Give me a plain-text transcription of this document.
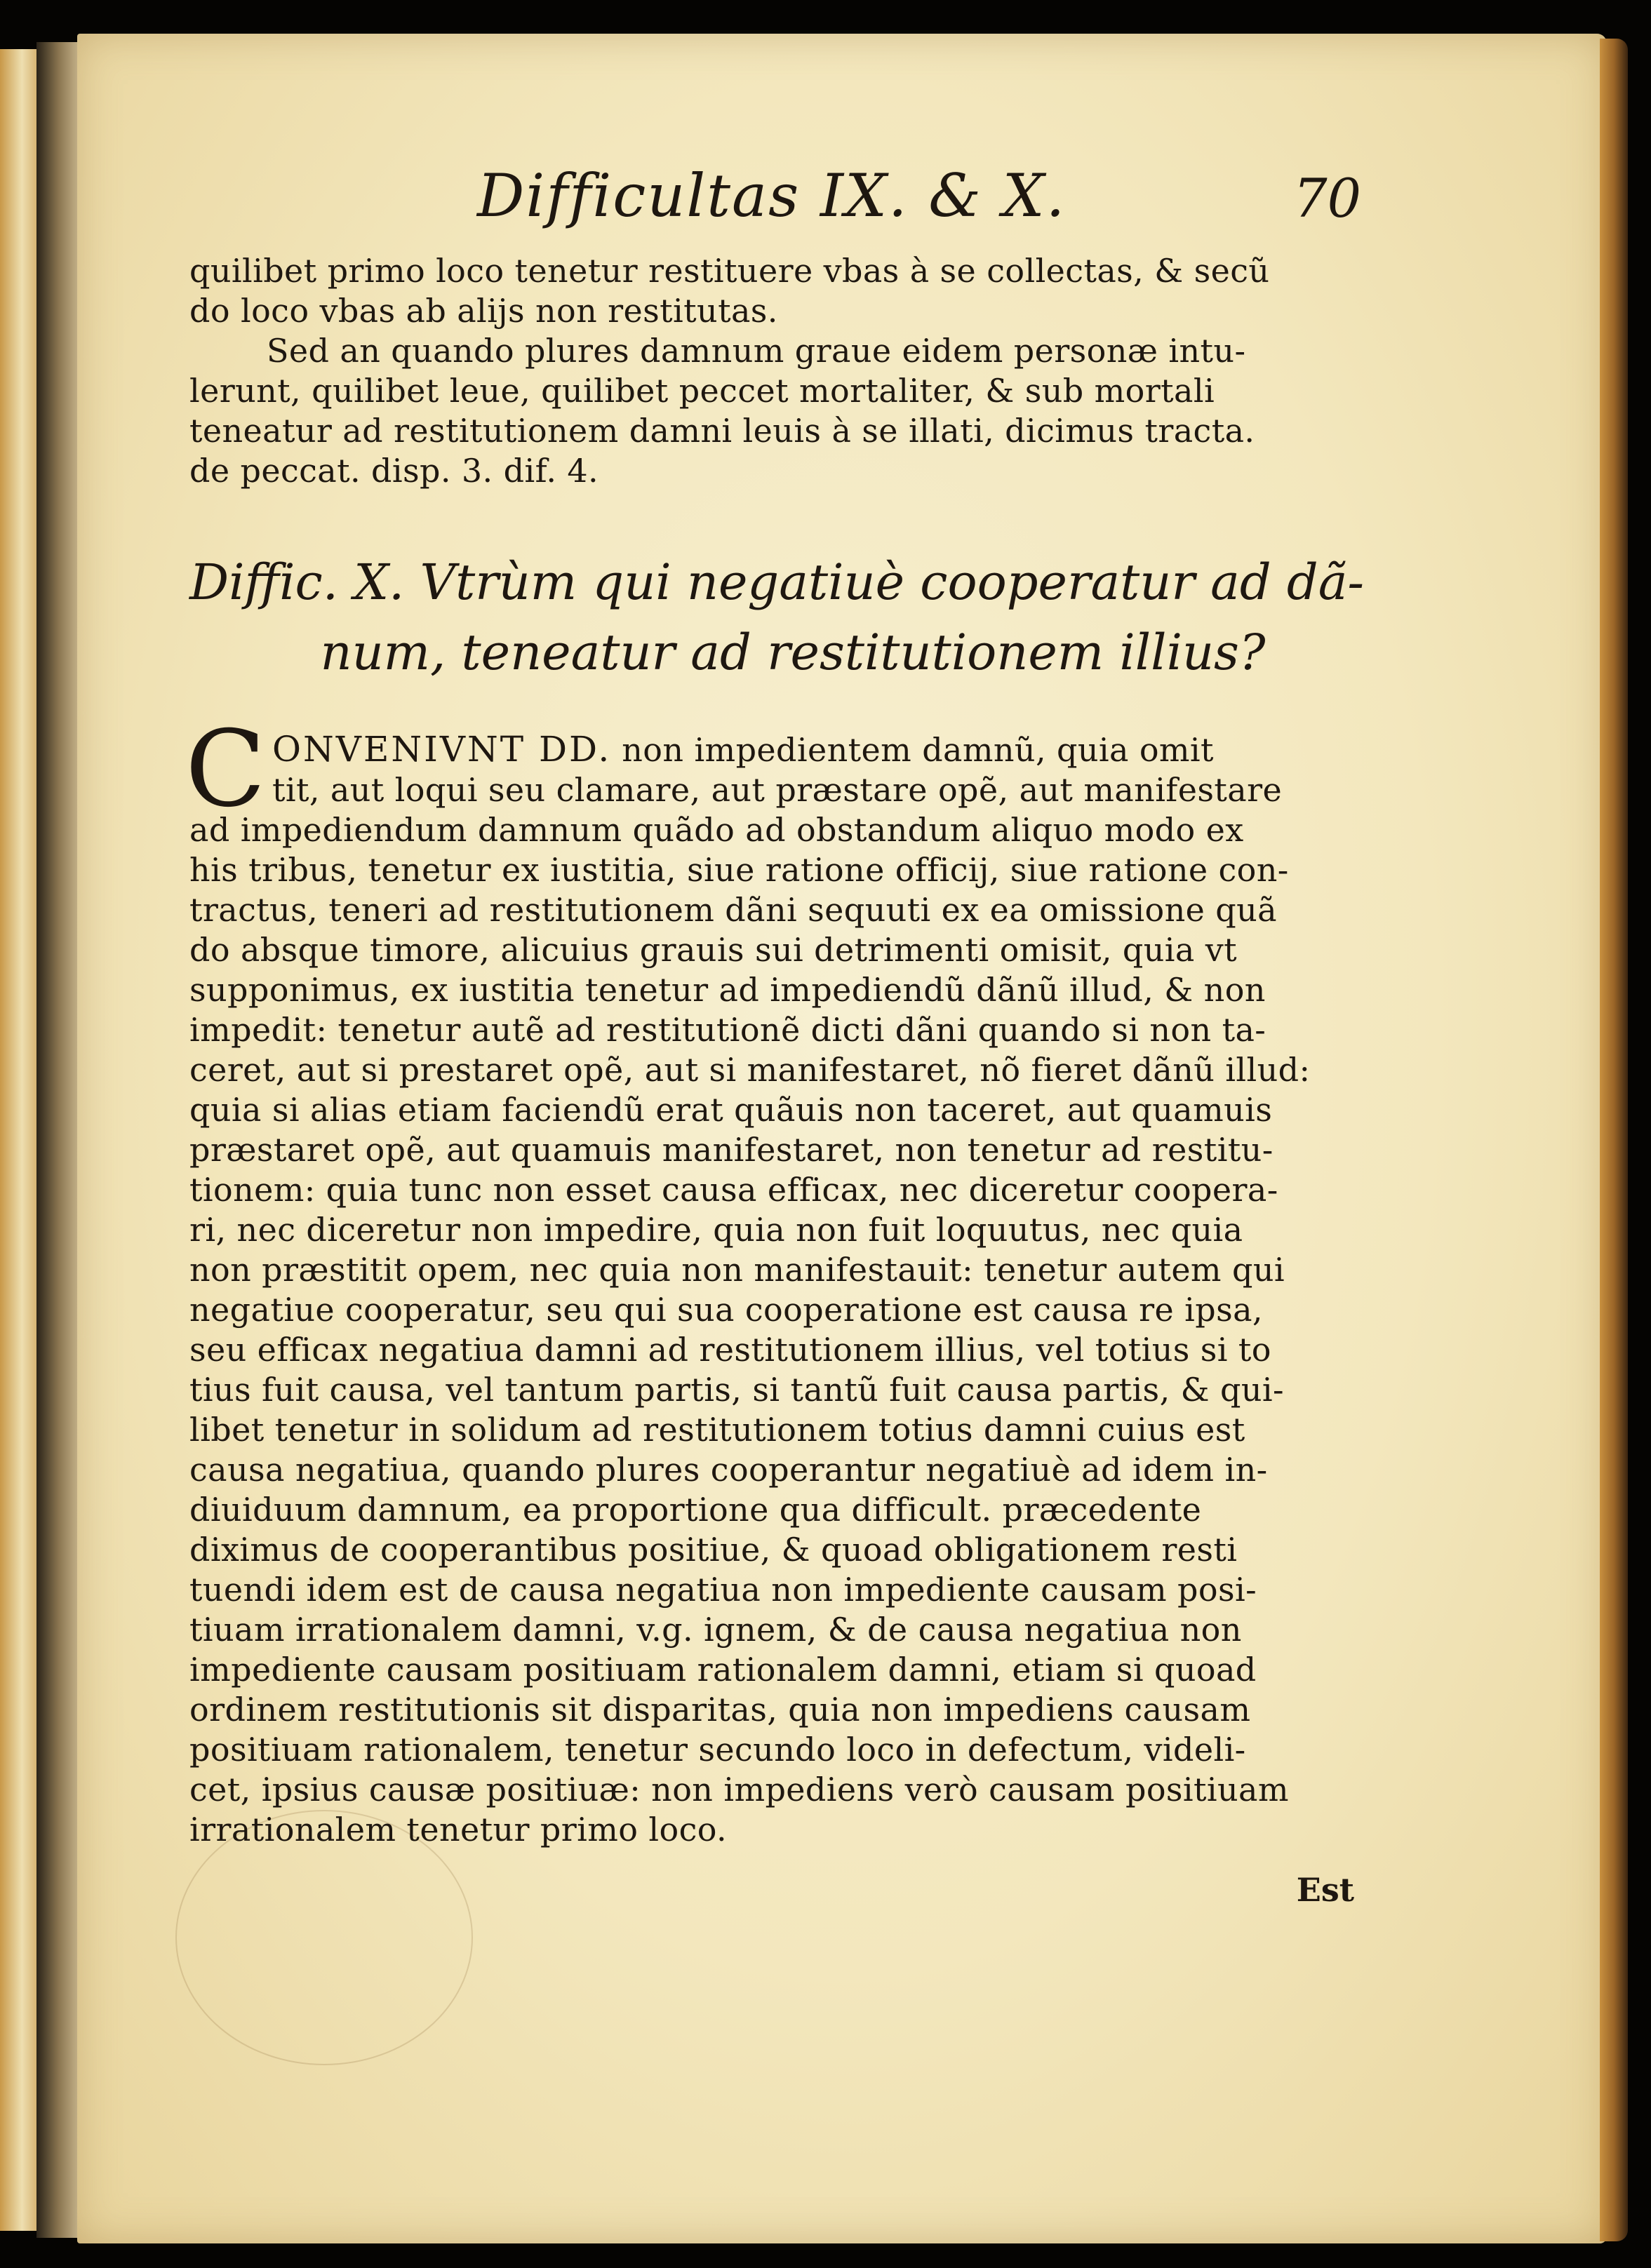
Difficultas IX. & X.	70
quilibet primo loco tenetur restituere vbas à se collectas, & secũ
do loco vbas ab alijs non restitutas.
Sed an quando plures damnum graue eidem personæ intu-
lerunt, quilibet leue, quilibet peccet mortaliter, & sub mortali
teneatur ad restitutionem damni leuis à se illati, dicimus tracta.
de peccat. disp. 3. dif. 4.
Diffic. X. Vtrùm qui negatiuè cooperatur ad dã-
num, teneatur ad restitutionem illius?
C ONVENIVNT DD. non impedientem damnũ, quia omit
tit, aut loqui seu clamare, aut præstare opẽ, aut manifestare
ad impediendum damnum quãdo ad obstandum aliquo modo ex
his tribus, tenetur ex iustitia, siue ratione officij, siue ratione con-
tractus, teneri ad restitutionem dãni sequuti ex ea omissione quã
do absque timore, alicuius grauis sui detrimenti omisit, quia vt
supponimus, ex iustitia tenetur ad impediendũ dãnũ illud, & non
impedit: tenetur autẽ ad restitutionẽ dicti dãni quando si non ta-
ceret, aut si prestaret opẽ, aut si manifestaret, nõ fieret dãnũ illud:
quia si alias etiam faciendũ erat quãuis non taceret, aut quamuis
præstaret opẽ, aut quamuis manifestaret, non tenetur ad restitu-
tionem: quia tunc non esset causa efficax, nec diceretur coopera-
ri, nec diceretur non impedire, quia non fuit loquutus, nec quia
non præstitit opem, nec quia non manifestauit: tenetur autem qui
negatiue cooperatur, seu qui sua cooperatione est causa re ipsa,
seu efficax negatiua damni ad restitutionem illius, vel totius si to
tius fuit causa, vel tantum partis, si tantũ fuit causa partis, & qui-
libet tenetur in solidum ad restitutionem totius damni cuius est
causa negatiua, quando plures cooperantur negatiuè ad idem in-
diuiduum damnum, ea proportione qua difficult. præcedente
diximus de cooperantibus positiue, & quoad obligationem resti
tuendi idem est de causa negatiua non impediente causam posi-
tiuam irrationalem damni, v.g. ignem, & de causa negatiua non
impediente causam positiuam rationalem damni, etiam si quoad
ordinem restitutionis sit disparitas, quia non impediens causam
positiuam rationalem, tenetur secundo loco in defectum, videli-
cet, ipsius causæ positiuæ: non impediens verò causam positiuam
irrationalem tenetur primo loco.
Est
